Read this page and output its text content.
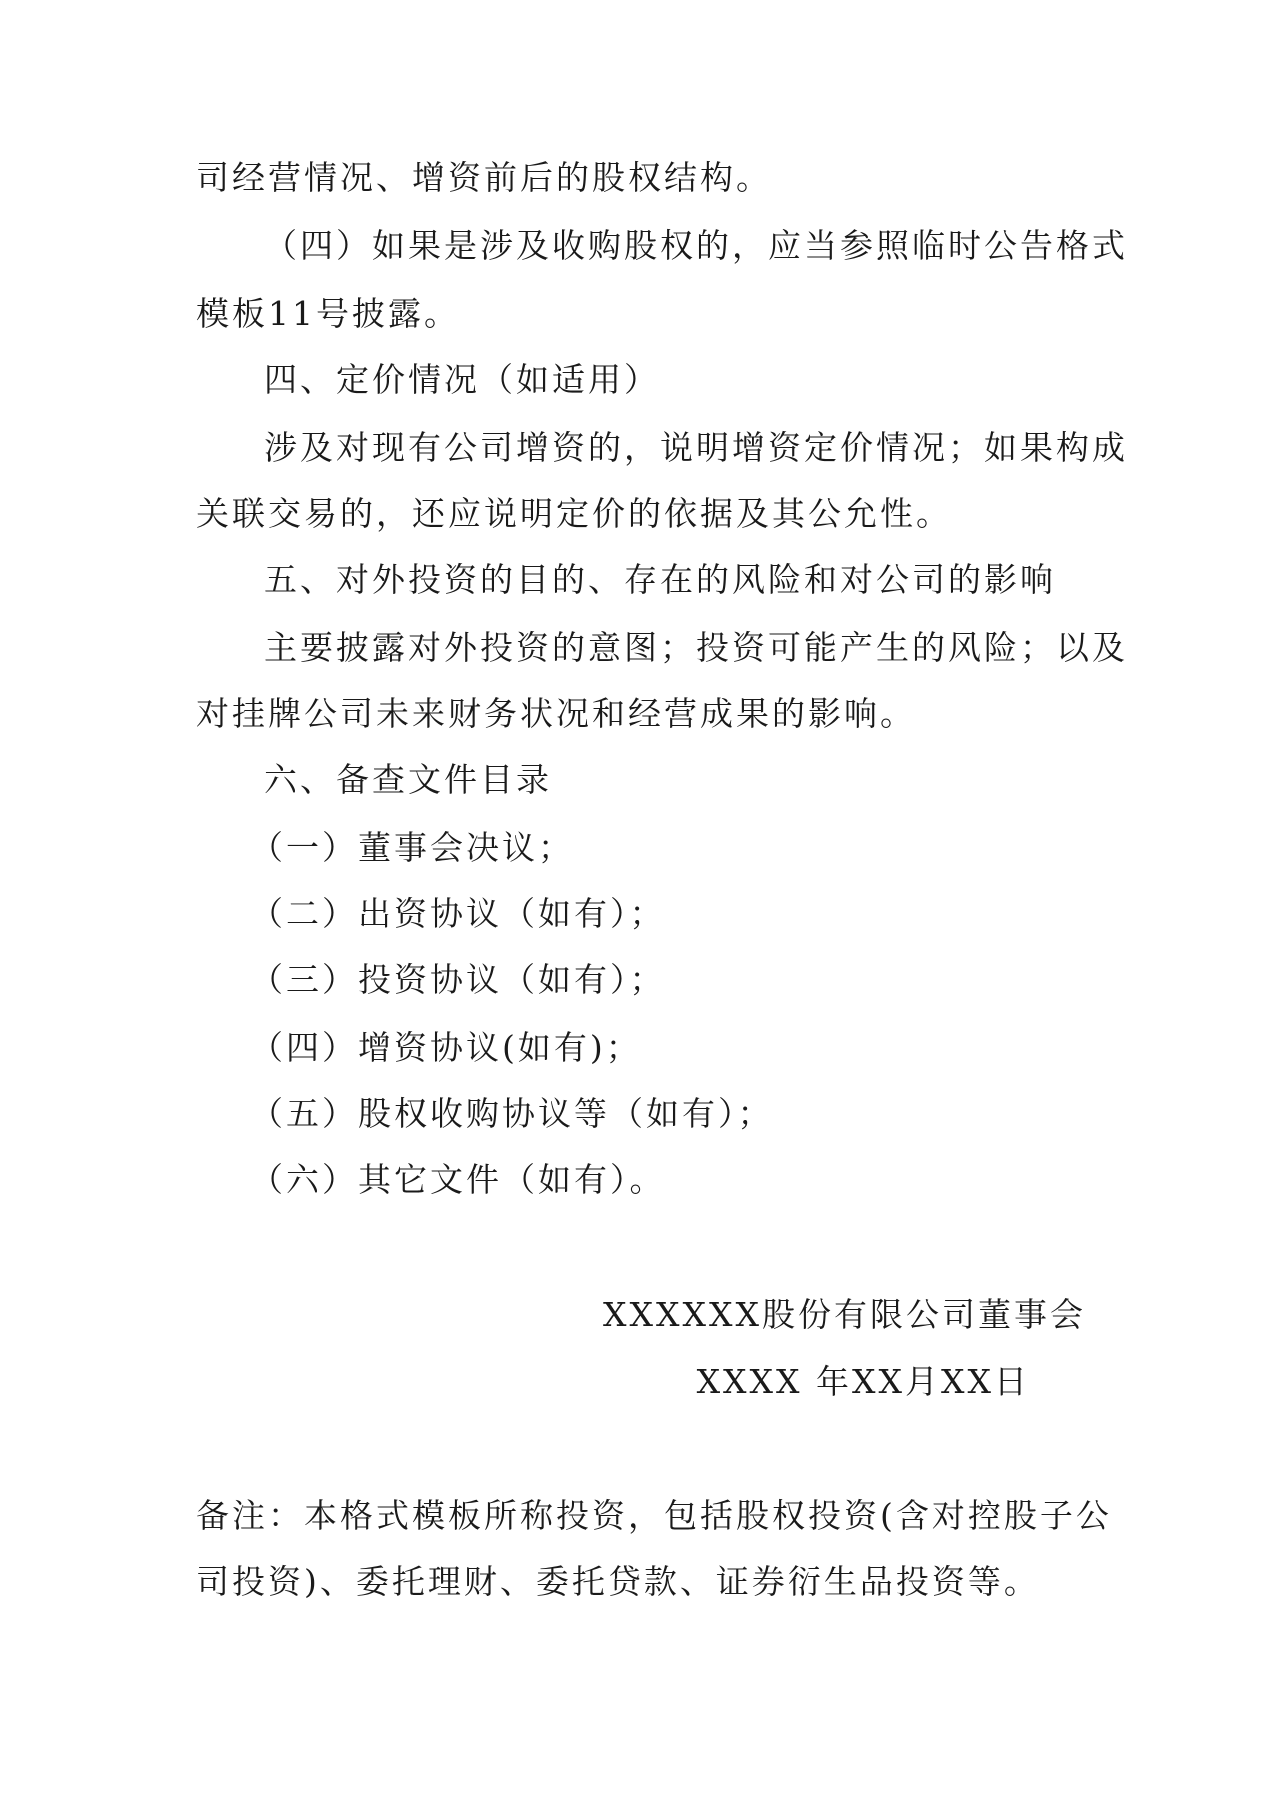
司经营情况、增资前后的股权结构。
（四）如果是涉及收购股权的，应当参照临时公告格式
模板11号披露。
四、定价情况（如适用）
涉及对现有公司增资的，说明增资定价情况；如果构成
关联交易的，还应说明定价的依据及其公允性。
五、对外投资的目的、存在的风险和对公司的影响
主要披露对外投资的意图；投资可能产生的风险；以及
对挂牌公司未来财务状况和经营成果的影响。
六、备查文件目录
（一）董事会决议；
（二）出资协议（如有）；
（三）投资协议（如有）；
（四）增资协议(如有)；
（五）股权收购协议等（如有）；
（六）其它文件（如有）。
XXXXXX股份有限公司董事会
XXXX 年XX月XX日
备注：本格式模板所称投资，包括股权投资(含对控股子公
司投资)、委托理财、委托贷款、证券衍生品投资等。
